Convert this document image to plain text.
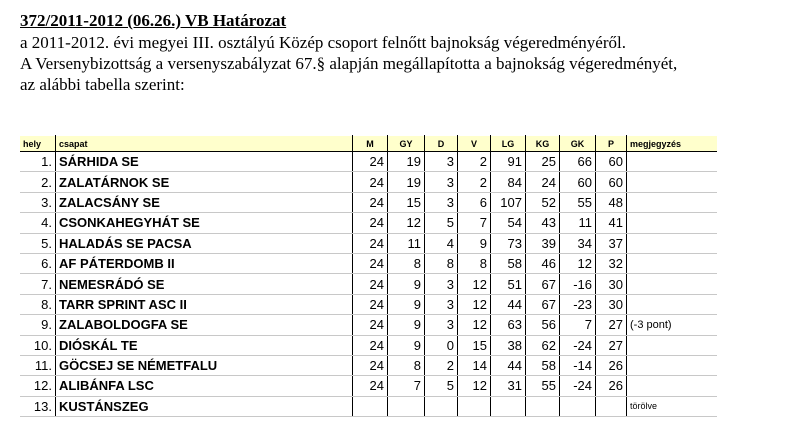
372/2011-2012 (06.26.) VB Határozat
a 2011-2012. évi megyei III. osztályú Közép csoport felnőtt bajnokság végeredményéről.
A Versenybizottság a versenyszabályzat 67.§ alapján megállapította a bajnokság végeredményét,
az alábbi tabella szerint:
hely	csapat	M	GY	D	V	LG	KG	GK	P	megjegyzés
1.	SÁRHIDA SE	24	19	3	2	91	25	66	60	
2.	ZALATÁRNOK SE	24	19	3	2	84	24	60	60	
3.	ZALACSÁNY SE	24	15	3	6	107	52	55	48	
4.	CSONKAHEGYHÁT SE	24	12	5	7	54	43	11	41	
5.	HALADÁS SE PACSA	24	11	4	9	73	39	34	37	
6.	AF PÁTERDOMB II	24	8	8	8	58	46	12	32	
7.	NEMESRÁDÓ SE	24	9	3	12	51	67	-16	30	
8.	TARR SPRINT ASC II	24	9	3	12	44	67	-23	30	
9.	ZALABOLDOGFA SE	24	9	3	12	63	56	7	27	(-3 pont)
10.	DIÓSKÁL TE	24	9	0	15	38	62	-24	27	
11.	GÖCSEJ SE NÉMETFALU	24	8	2	14	44	58	-14	26	
12.	ALIBÁNFA LSC	24	7	5	12	31	55	-24	26	
13.	KUSTÁNSZEG									törölve
